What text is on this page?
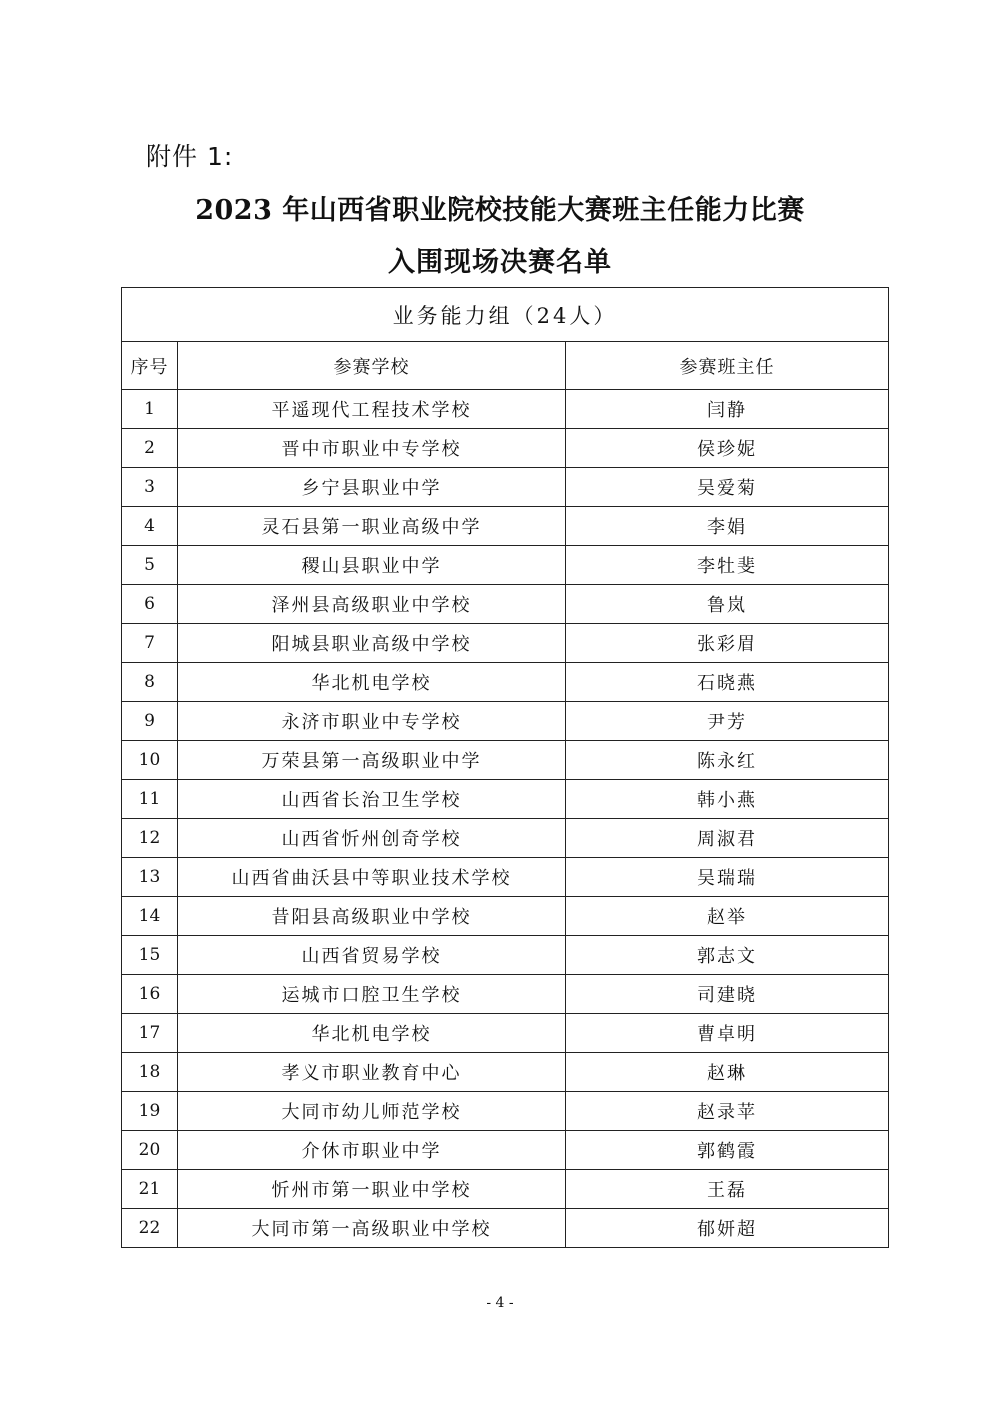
附件 1:
2023 年山西省职业院校技能大赛班主任能力比赛
入围现场决赛名单
业务能力组（24人）		
序号	参赛学校	参赛班主任
1	平遥现代工程技术学校	闫静
2	晋中市职业中专学校	侯珍妮
3	乡宁县职业中学	吴爱菊
4	灵石县第一职业高级中学	李娟
5	稷山县职业中学	李牡斐
6	泽州县高级职业中学校	鲁岚
7	阳城县职业高级中学校	张彩眉
8	华北机电学校	石晓燕
9	永济市职业中专学校	尹芳
10	万荣县第一高级职业中学	陈永红
11	山西省长治卫生学校	韩小燕
12	山西省忻州创奇学校	周淑君
13	山西省曲沃县中等职业技术学校	吴瑞瑞
14	昔阳县高级职业中学校	赵举
15	山西省贸易学校	郭志文
16	运城市口腔卫生学校	司建晓
17	华北机电学校	曹卓明
18	孝义市职业教育中心	赵琳
19	大同市幼儿师范学校	赵录苹
20	介休市职业中学	郭鹤霞
21	忻州市第一职业中学校	王磊
22	大同市第一高级职业中学校	郁妍超
- 4 -
